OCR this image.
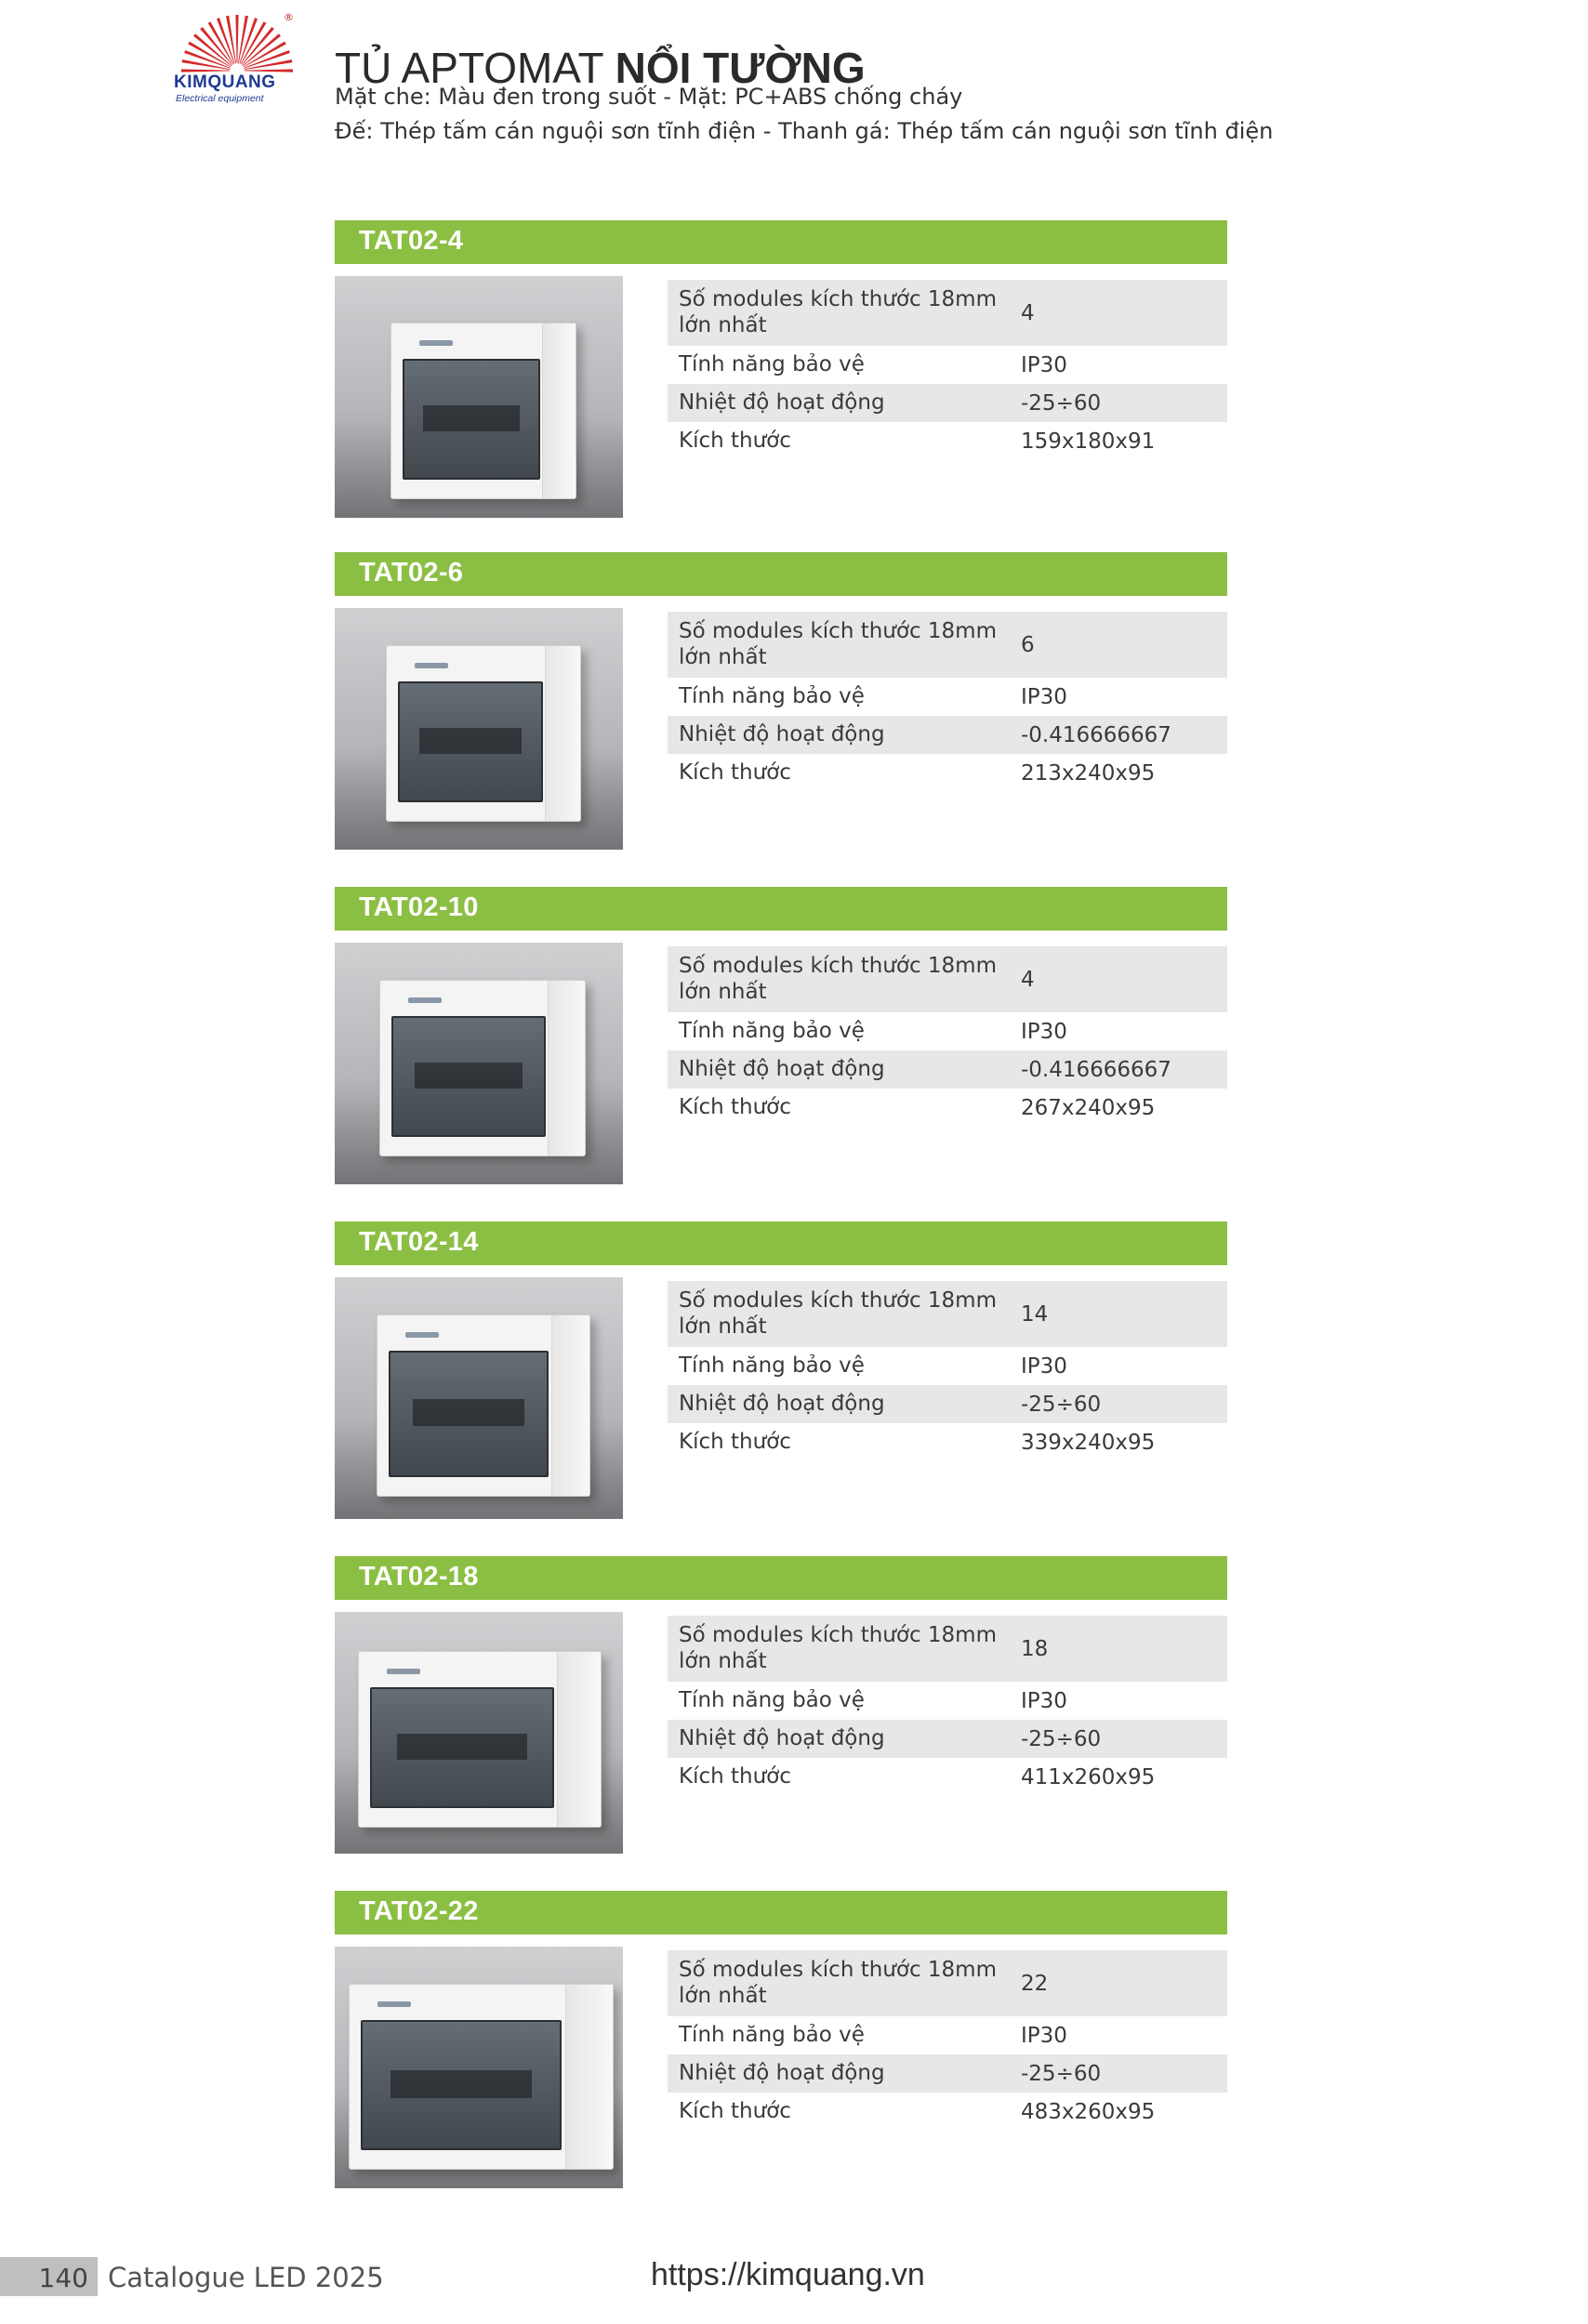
®
KIMQUANG
Electrical equipment
TỦ APTOMAT NỔI TƯỜNG
Mặt che: Màu đen trong suốt - Mặt: PC+ABS chống cháy
Đế: Thép tấm cán nguội sơn tĩnh điện - Thanh gá: Thép tấm cán nguội sơn tĩnh điện
TAT02-4
Số modules kích thước 18mm lớn nhất	4
Tính năng bảo vệ	IP30
Nhiệt độ hoạt động	-25÷60
Kích thước	159x180x91
TAT02-6
Số modules kích thước 18mm lớn nhất	6
Tính năng bảo vệ	IP30
Nhiệt độ hoạt động	-0.416666667
Kích thước	213x240x95
TAT02-10
Số modules kích thước 18mm lớn nhất	4
Tính năng bảo vệ	IP30
Nhiệt độ hoạt động	-0.416666667
Kích thước	267x240x95
TAT02-14
Số modules kích thước 18mm lớn nhất	14
Tính năng bảo vệ	IP30
Nhiệt độ hoạt động	-25÷60
Kích thước	339x240x95
TAT02-18
Số modules kích thước 18mm lớn nhất	18
Tính năng bảo vệ	IP30
Nhiệt độ hoạt động	-25÷60
Kích thước	411x260x95
TAT02-22
Số modules kích thước 18mm lớn nhất	22
Tính năng bảo vệ	IP30
Nhiệt độ hoạt động	-25÷60
Kích thước	483x260x95
140 Catalogue LED 2025	https://kimquang.vn
